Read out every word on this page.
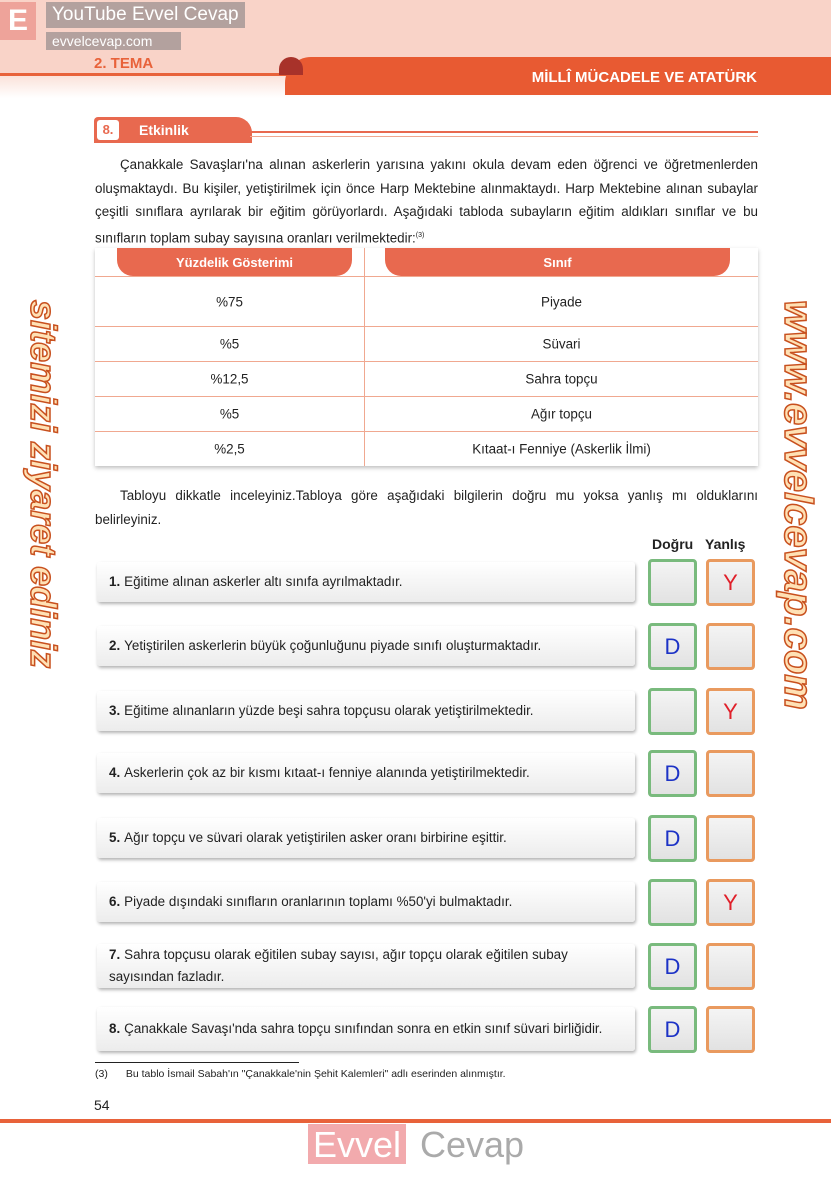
MİLLÎ MÜCADELE VE ATATÜRK
2. TEMA
E	YouTube Evvel Cevap
evvelcevap.com
8.	Etkinlik
Çanakkale Savaşları'na alınan askerlerin yarısına yakını okula devam eden öğrenci ve öğretmenlerden oluşmaktaydı. Bu kişiler, yetiştirilmek için önce Harp Mektebine alınmaktaydı. Harp Mektebine alınan subaylar çeşitli sınıflara ayrılarak bir eğitim görüyorlardı. Aşağıdaki tabloda subayların eğitim aldıkları sınıflar ve bu sınıfların toplam subay sayısına oranları verilmektedir:$^{(3)}$
Yüzdelik Gösterimi	Sınıf
%75	Piyade
%5	Süvari
%12,5	Sahra topçu
%5	Ağır topçu
%2,5	Kıtaat-ı Fenniye (Askerlik İlmi)
Tabloyu dikkatle inceleyiniz.Tabloya göre aşağıdaki bilgilerin doğru mu yoksa yanlış mı olduklarını belirleyiniz.
Doğru Yanlış
1. Eğitime alınan askerler altı sınıfa ayrılmaktadır.	Y
2. Yetiştirilen askerlerin büyük çoğunluğunu piyade sınıfı oluşturmaktadır.	D
3. Eğitime alınanların yüzde beşi sahra topçusu olarak yetiştirilmektedir.	Y
4. Askerlerin çok az bir kısmı kıtaat-ı fenniye alanında yetiştirilmektedir.	D
5. Ağır topçu ve süvari olarak yetiştirilen asker oranı birbirine eşittir.	D
6. Piyade dışındaki sınıfların oranlarının toplamı %50'yi bulmaktadır.	Y
7. Sahra topçusu olarak eğitilen subay sayısı, ağır topçu olarak eğitilen subay sayısından fazladır.	D
8. Çanakkale Savaşı'nda sahra topçu sınıfından sonra en etkin sınıf süvari birliğidir.	D
(3) Bu tablo İsmail Sabah'ın "Çanakkale'nin Şehit Kalemleri" adlı eserinden alınmıştır.
54
Evvel Cevap
www.evvelcevap.com
sitemizi ziyaret ediniz
